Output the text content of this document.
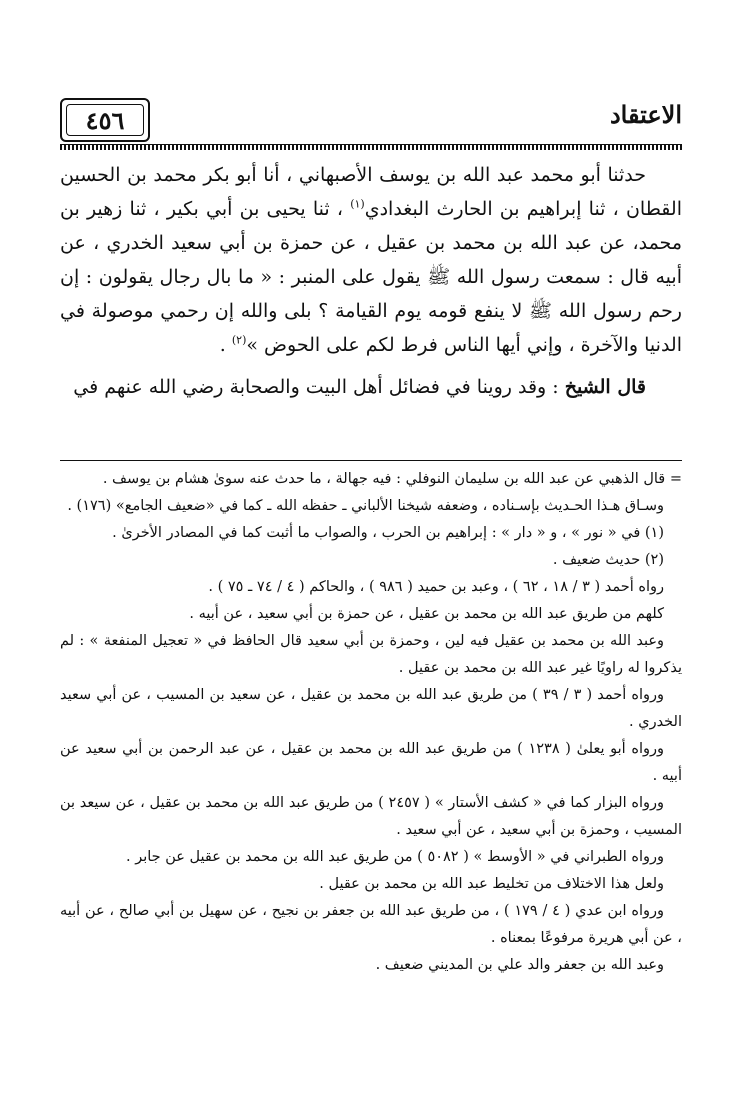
٤٥٦	الاعتقاد

حدثنا أبو محمد عبد الله بن يوسف الأصبهاني ، أنا أبو بكر محمد بن الحسين القطان ، ثنا إبراهيم بن الحارث البغدادي$^{(١)}$ ، ثنا يحيى بن أبي بكير ، ثنا زهير بن محمد، عن عبد الله بن محمد بن عقيل ، عن حمزة بن أبي سعيد الخدري ، عن أبيه قال : سمعت رسول الله ﷺ يقول على المنبر : « ما بال رجال يقولون : إن رحم رسول الله ﷺ لا ينفع قومه يوم القيامة ؟ بلى والله إن رحمي موصولة في الدنيا والآخرة ، وإني أيها الناس فرط لكم على الحوض »$^{(٢)}$ .

قال الشيخ : وقد روينا في فضائل أهل البيت والصحابة رضي الله عنهم في

= قال الذهبي عن عبد الله بن سليمان النوفلي : فيه جهالة ، ما حدث عنه سوىٰ هشام بن يوسف .

وسـاق هـذا الحـديث بإسـناده ، وضعفه شيخنا الألباني ـ حفظه الله ـ كما في «ضعيف الجامع» (١٧٦) .

(١) في « نور » ، و « دار » : إبراهيم بن الحرب ، والصواب ما أثبت كما في المصادر الأخرىٰ .

(٢) حديث ضعيف .

رواه أحمد ( ٣ / ١٨ ، ٦٢ ) ، وعبد بن حميد ( ٩٨٦ ) ، والحاكم ( ٤ / ٧٤ ـ ٧٥ ) .

كلهم من طريق عبد الله بن محمد بن عقيل ، عن حمزة بن أبي سعيد ، عن أبيه .

وعبد الله بن محمد بن عقيل فيه لين ، وحمزة بن أبي سعيد قال الحافظ في « تعجيل المنفعة » : لم يذكروا له راويًا غير عبد الله بن محمد بن عقيل .

ورواه أحمد ( ٣ / ٣٩ ) من طريق عبد الله بن محمد بن عقيل ، عن سعيد بن المسيب ، عن أبي سعيد الخدري .

ورواه أبو يعلىٰ ( ١٢٣٨ ) من طريق عبد الله بن محمد بن عقيل ، عن عبد الرحمن بن أبي سعيد عن أبيه .

ورواه البزار كما في « كشف الأستار » ( ٢٤٥٧ ) من طريق عبد الله بن محمد بن عقيل ، عن سيعد بن المسيب ، وحمزة بن أبي سعيد ، عن أبي سعيد .

ورواه الطبراني في « الأوسط » ( ٥٠٨٢ ) من طريق عبد الله بن محمد بن عقيل عن جابر .

ولعل هذا الاختلاف من تخليط عبد الله بن محمد بن عقيل .

ورواه ابن عدي ( ٤ / ١٧٩ ) ، من طريق عبد الله بن جعفر بن نجيح ، عن سهيل بن أبي صالح ، عن أبيه ، عن أبي هريرة مرفوعًا بمعناه .

وعبد الله بن جعفر والد علي بن المديني ضعيف .
